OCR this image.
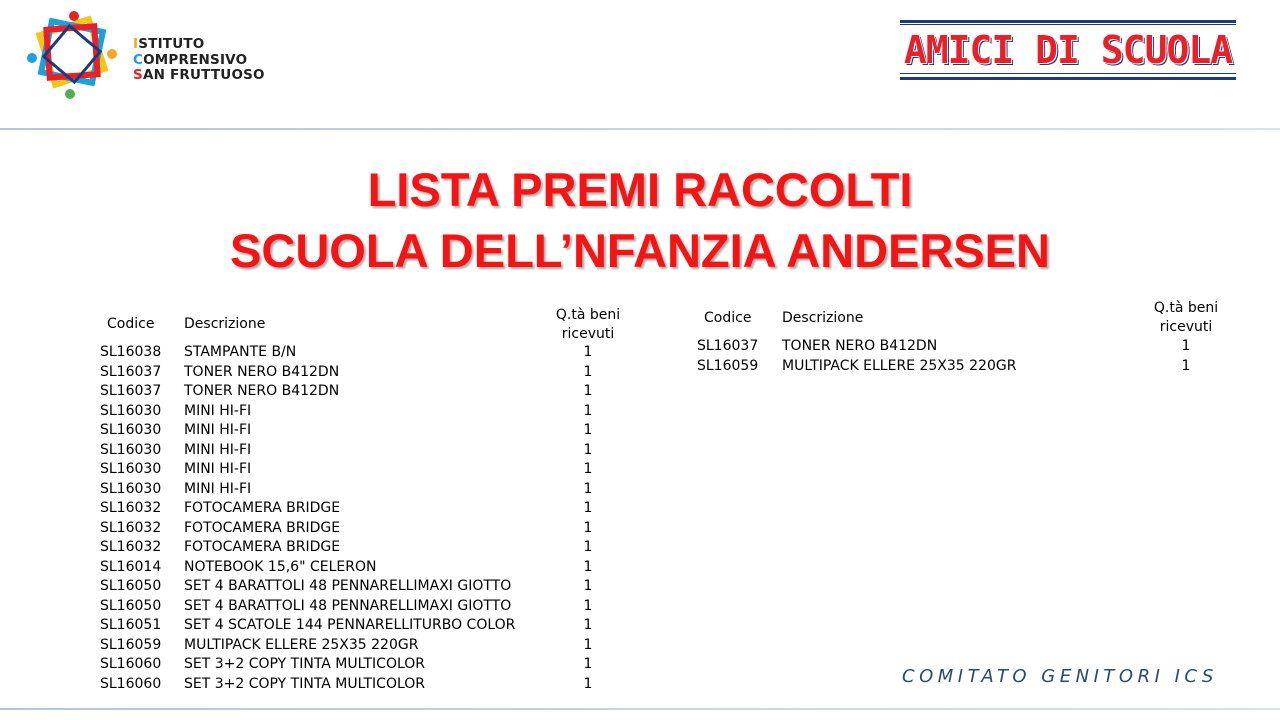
ISTITUTO
COMPRENSIVO
SAN FRUTTUOSO
AMICI DI SCUOLA
LISTA PREMI RACCOLTI
SCUOLA DELL’NFANZIA ANDERSEN
Codice Descrizione
Q.tà beni
ricevuti
SL16038 STAMPANTE B/N	1
SL16037 TONER NERO B412DN	1
SL16037 TONER NERO B412DN	1
SL16030 MINI HI-FI	1
SL16030 MINI HI-FI	1
SL16030 MINI HI-FI	1
SL16030 MINI HI-FI	1
SL16030 MINI HI-FI	1
SL16032 FOTOCAMERA BRIDGE	1
SL16032 FOTOCAMERA BRIDGE	1
SL16032 FOTOCAMERA BRIDGE	1
SL16014 NOTEBOOK 15,6" CELERON	1
SL16050 SET 4 BARATTOLI 48 PENNARELLIMAXI GIOTTO	1
SL16050 SET 4 BARATTOLI 48 PENNARELLIMAXI GIOTTO	1
SL16051 SET 4 SCATOLE 144 PENNARELLITURBO COLOR	1
SL16059 MULTIPACK ELLERE 25X35 220GR	1
SL16060 SET 3+2 COPY TINTA MULTICOLOR	1
SL16060 SET 3+2 COPY TINTA MULTICOLOR	1
Codice Descrizione
Q.tà beni
ricevuti
SL16037 TONER NERO B412DN	1
SL16059 MULTIPACK ELLERE 25X35 220GR	1
COMITATO GENITORI ICS
